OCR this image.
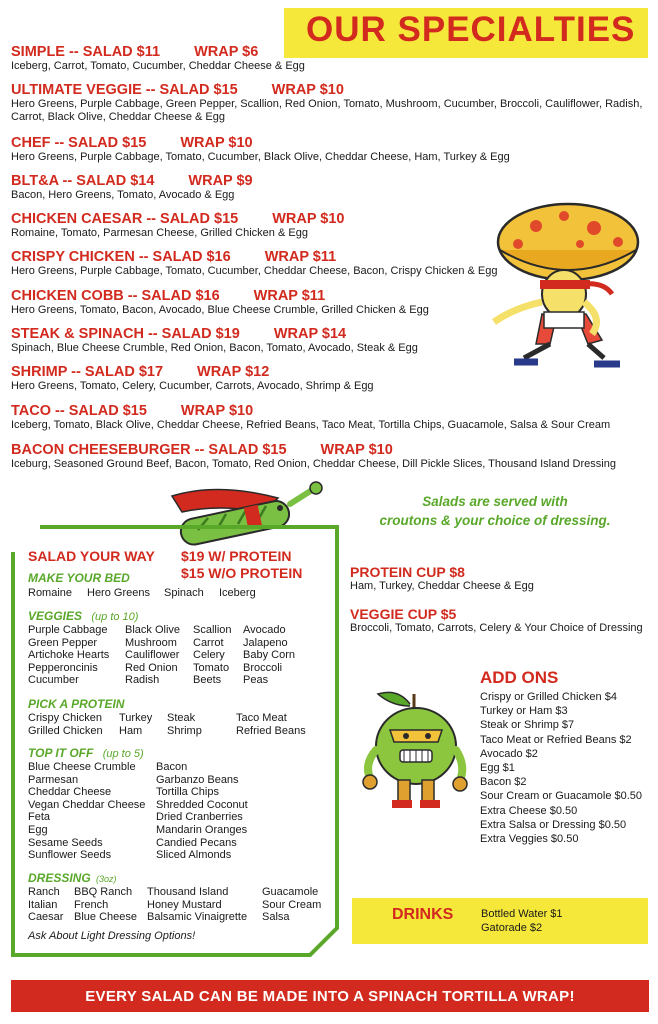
OUR SPECIALTIES
SIMPLE -- SALAD $11 WRAP $6
Iceberg, Carrot, Tomato, Cucumber, Cheddar Cheese & Egg
ULTIMATE VEGGIE -- SALAD $15 WRAP $10
Hero Greens, Purple Cabbage, Green Pepper, Scallion, Red Onion, Tomato, Mushroom, Cucumber, Broccoli, Cauliflower, Radish, Carrot, Black Olive, Cheddar Cheese & Egg
CHEF -- SALAD $15 WRAP $10
Hero Greens, Purple Cabbage, Tomato, Cucumber, Black Olive, Cheddar Cheese, Ham, Turkey & Egg
BLT&A -- SALAD $14 WRAP $9
Bacon, Hero Greens, Tomato, Avocado & Egg
CHICKEN CAESAR -- SALAD $15 WRAP $10
Romaine, Tomato, Parmesan Cheese, Grilled Chicken & Egg
CRISPY CHICKEN -- SALAD $16 WRAP $11
Hero Greens, Purple Cabbage, Tomato, Cucumber, Cheddar Cheese, Bacon, Crispy Chicken & Egg
CHICKEN COBB -- SALAD $16 WRAP $11
Hero Greens, Tomato, Bacon, Avocado, Blue Cheese Crumble, Grilled Chicken & Egg
STEAK & SPINACH -- SALAD $19 WRAP $14
Spinach, Blue Cheese Crumble, Red Onion, Bacon, Tomato, Avocado, Steak & Egg
SHRIMP -- SALAD $17 WRAP $12
Hero Greens, Tomato, Celery, Cucumber, Carrots, Avocado, Shrimp & Egg
TACO -- SALAD $15 WRAP $10
Iceberg, Tomato, Black Olive, Cheddar Cheese, Refried Beans, Taco Meat, Tortilla Chips, Guacamole, Salsa & Sour Cream
BACON CHEESEBURGER -- SALAD $15 WRAP $10
Iceburg, Seasoned Ground Beef, Bacon, Tomato, Red Onion, Cheddar Cheese, Dill Pickle Slices, Thousand Island Dressing
Salads are served with
croutons & your choice of dressing.
SALAD YOUR WAY $19 W/ PROTEIN
$15 W/O PROTEIN
MAKE YOUR BED
Romaine Hero Greens Spinach Iceberg
VEGGIES (up to 10)
Purple Cabbage
Green Pepper
Artichoke Hearts
Pepperoncinis
Cucumber
Black Olive
Mushroom
Cauliflower
Red Onion
Radish
Scallion
Carrot
Celery
Tomato
Beets
Avocado
Jalapeno
Baby Corn
Broccoli
Peas
PICK A PROTEIN
Crispy Chicken
Grilled Chicken
Turkey
Ham
Steak
Shrimp
Taco Meat
Refried Beans
TOP IT OFF (up to 5)
Blue Cheese Crumble
Parmesan
Cheddar Cheese
Vegan Cheddar Cheese
Feta
Egg
Sesame Seeds
Sunflower Seeds
Bacon
Garbanzo Beans
Tortilla Chips
Shredded Coconut
Dried Cranberries
Mandarin Oranges
Candied Pecans
Sliced Almonds
DRESSING (3oz)
Ranch
Italian
Caesar
BBQ Ranch
French
Blue Cheese
Thousand Island
Honey Mustard
Balsamic Vinaigrette
Guacamole
Sour Cream
Salsa
Ask About Light Dressing Options!
PROTEIN CUP $8
Ham, Turkey, Cheddar Cheese & Egg
VEGGIE CUP $5
Broccoli, Tomato, Carrots, Celery & Your Choice of Dressing
ADD ONS
Crispy or Grilled Chicken $4
Turkey or Ham $3
Steak or Shrimp $7
Taco Meat or Refried Beans $2
Avocado $2
Egg $1
Bacon $2
Sour Cream or Guacamole $0.50
Extra Cheese $0.50
Extra Salsa or Dressing $0.50
Extra Veggies $0.50
DRINKS	Bottled Water $1
Gatorade $2
EVERY SALAD CAN BE MADE INTO A SPINACH TORTILLA WRAP!
